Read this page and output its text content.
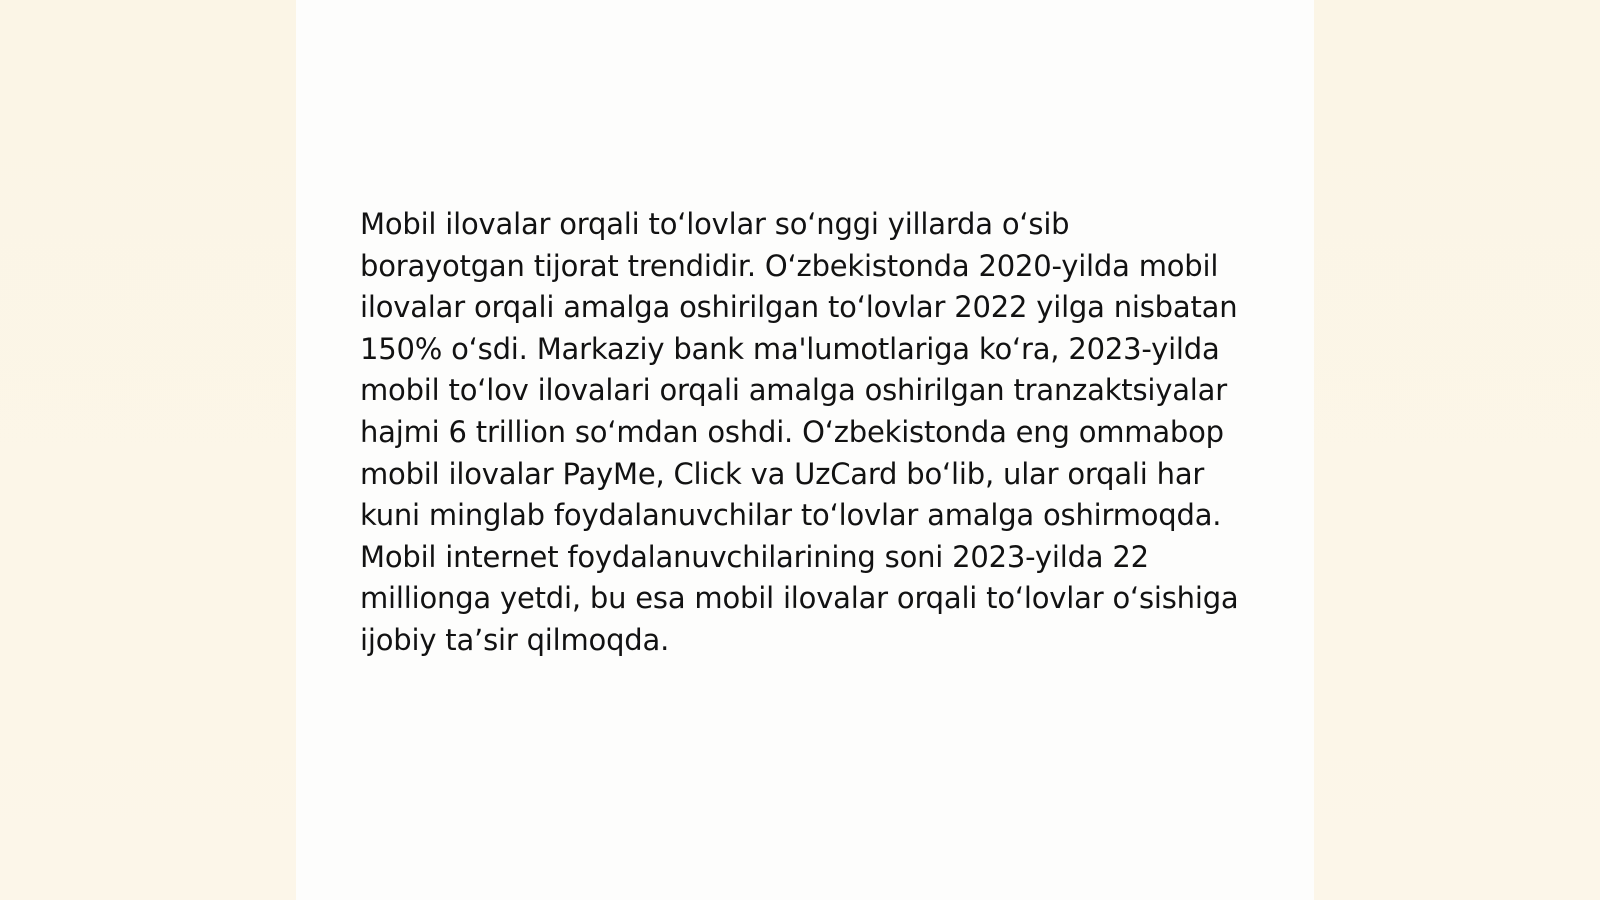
Mobil ilovalar orqali to‘lovlar so‘nggi yillarda o‘sib borayotgan tijorat trendidir. O‘zbekistonda 2020-yilda mobil ilovalar orqali amalga oshirilgan to‘lovlar 2022 yilga nisbatan 150% o‘sdi. Markaziy bank ma'lumotlariga ko‘ra, 2023-yilda mobil to‘lov ilovalari orqali amalga oshirilgan tranzaktsiyalar hajmi 6 trillion so‘mdan oshdi. O‘zbekistonda eng ommabop mobil ilovalar PayMe, Click va UzCard bo‘lib, ular orqali har kuni minglab foydalanuvchilar to‘lovlar amalga oshirmoqda. Mobil internet foydalanuvchilarining soni 2023-yilda 22 millionga yetdi, bu esa mobil ilovalar orqali to‘lovlar o‘sishiga ijobiy ta’sir qilmoqda.
